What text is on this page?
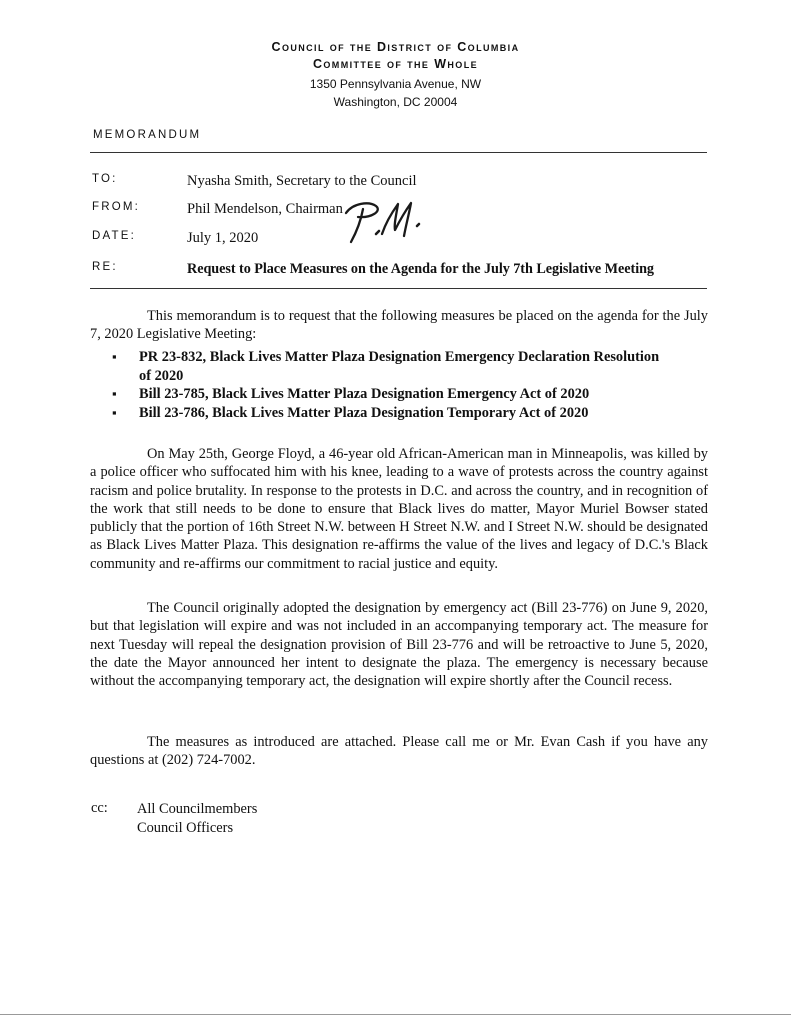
Council of the District of Columbia
Committee of the Whole
1350 Pennsylvania Avenue, NW
Washington, DC 20004
MEMORANDUM
TO:	Nyasha Smith, Secretary to the Council
FROM:	Phil Mendelson, Chairman
DATE:	July 1, 2020
RE:	Request to Place Measures on the Agenda for the July 7th Legislative Meeting

This memorandum is to request that the following measures be placed on the agenda for the July 7, 2020 Legislative Meeting:

▪ PR 23-832, Black Lives Matter Plaza Designation Emergency Declaration Resolution of 2020
▪ Bill 23-785, Black Lives Matter Plaza Designation Emergency Act of 2020
▪ Bill 23-786, Black Lives Matter Plaza Designation Temporary Act of 2020

On May 25th, George Floyd, a 46-year old African-American man in Minneapolis, was killed by a police officer who suffocated him with his knee, leading to a wave of protests across the country against racism and police brutality. In response to the protests in D.C. and across the country, and in recognition of the work that still needs to be done to ensure that Black lives do matter, Mayor Muriel Bowser stated publicly that the portion of 16th Street N.W. between H Street N.W. and I Street N.W. should be designated as Black Lives Matter Plaza. This designation re-affirms the value of the lives and legacy of D.C.'s Black community and re-affirms our commitment to racial justice and equity.

The Council originally adopted the designation by emergency act (Bill 23-776) on June 9, 2020, but that legislation will expire and was not included in an accompanying temporary act. The measure for next Tuesday will repeal the designation provision of Bill 23-776 and will be retroactive to June 5, 2020, the date the Mayor announced her intent to designate the plaza. The emergency is necessary because without the accompanying temporary act, the designation will expire shortly after the Council recess.

The measures as introduced are attached. Please call me or Mr. Evan Cash if you have any questions at (202) 724-7002.

cc: All Councilmembers
Council Officers
